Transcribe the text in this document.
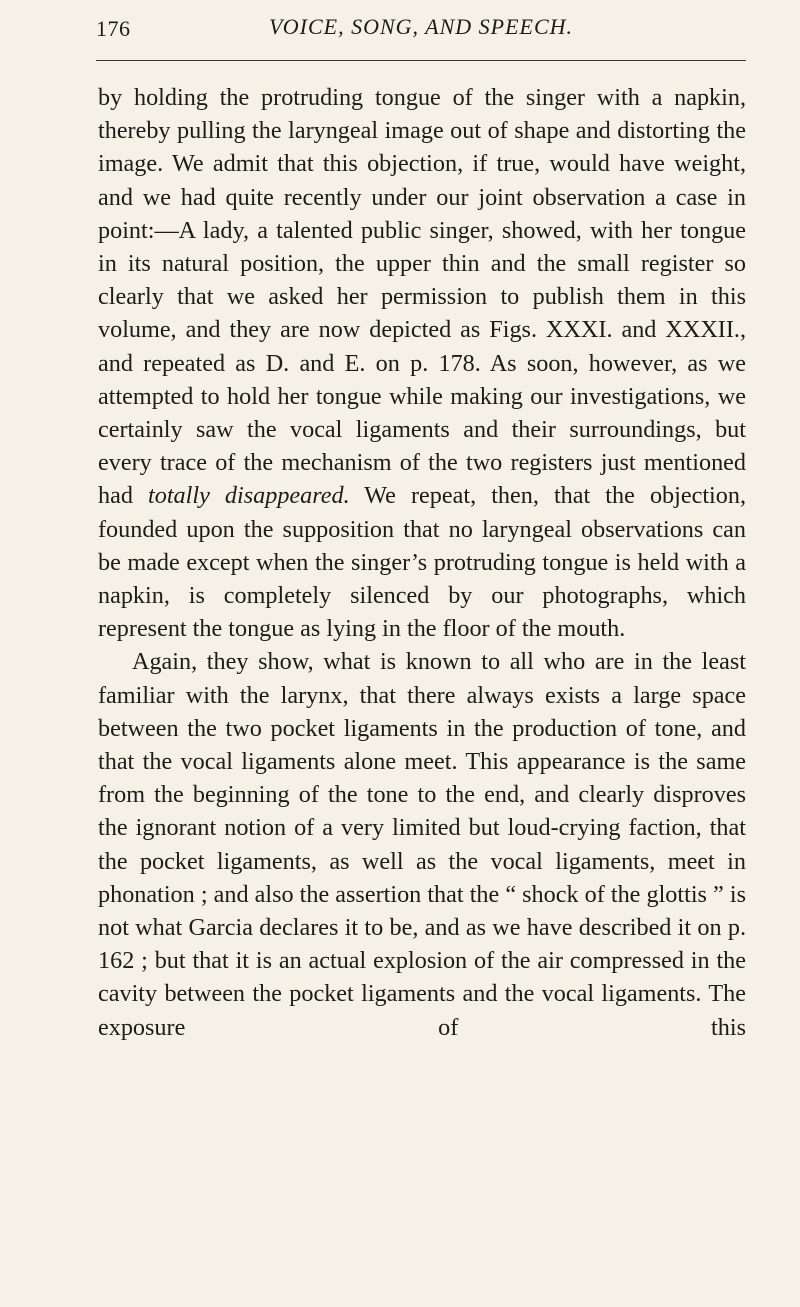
176	VOICE, SONG, AND SPEECH.

by holding the protruding tongue of the singer with a napkin, thereby pulling the laryngeal image out of shape and distorting the image. We admit that this objection, if true, would have weight, and we had quite recently under our joint observation a case in point:—A lady, a talented public singer, showed, with her tongue in its natural position, the upper thin and the small register so clearly that we asked her permission to publish them in this volume, and they are now depicted as Figs. XXXI. and XXXII., and repeated as D. and E. on p. 178. As soon, however, as we attempted to hold her tongue while making our investigations, we certainly saw the vocal ligaments and their surroundings, but every trace of the mechanism of the two registers just mentioned had totally disappeared. We repeat, then, that the objection, founded upon the supposition that no laryngeal observations can be made except when the singer’s protruding tongue is held with a napkin, is completely silenced by our photographs, which represent the tongue as lying in the floor of the mouth.

Again, they show, what is known to all who are in the least familiar with the larynx, that there always exists a large space between the two pocket ligaments in the production of tone, and that the vocal ligaments alone meet. This appearance is the same from the beginning of the tone to the end, and clearly disproves the ignorant notion of a very limited but loud-crying faction, that the pocket ligaments, as well as the vocal ligaments, meet in phonation ; and also the assertion that the “ shock of the glottis ” is not what Garcia declares it to be, and as we have described it on p. 162 ; but that it is an actual explosion of the air compressed in the cavity between the pocket ligaments and the vocal ligaments. The exposure of this
